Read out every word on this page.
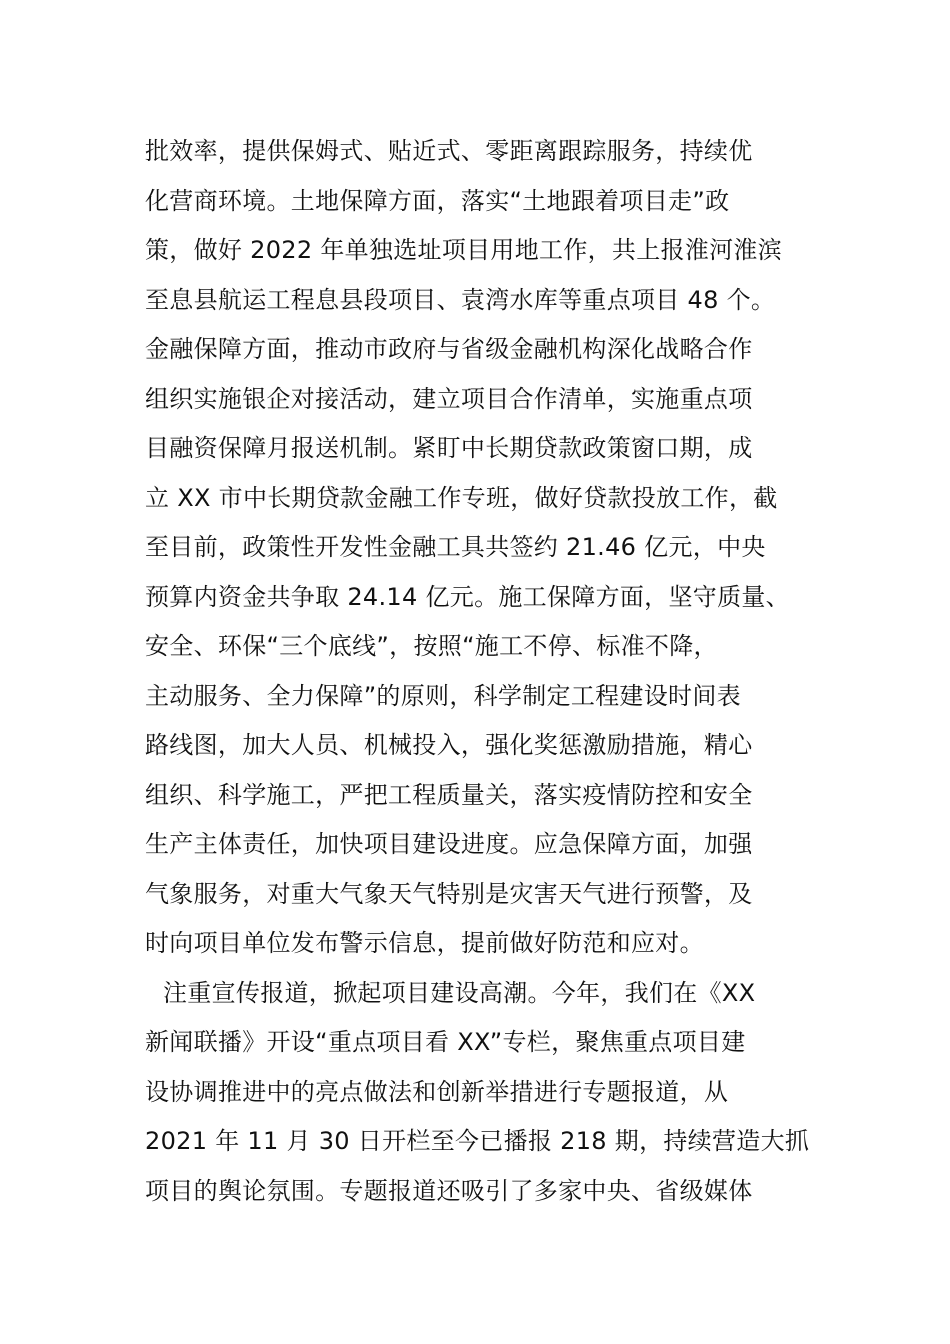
批效率，提供保姆式、贴近式、零距离跟踪服务，持续优
化营商环境。土地保障方面，落实“土地跟着项目走”政
策，做好 2022 年单独选址项目用地工作，共上报淮河淮滨
至息县航运工程息县段项目、袁湾水库等重点项目 48 个。
金融保障方面，推动市政府与省级金融机构深化战略合作
组织实施银企对接活动，建立项目合作清单，实施重点项
目融资保障月报送机制。紧盯中长期贷款政策窗口期，成
立 XX 市中长期贷款金融工作专班，做好贷款投放工作，截
至目前，政策性开发性金融工具共签约 21.46 亿元，中央
预算内资金共争取 24.14 亿元。施工保障方面，坚守质量、
安全、环保“三个底线”，按照“施工不停、标准不降，
主动服务、全力保障”的原则，科学制定工程建设时间表
路线图，加大人员、机械投入，强化奖惩激励措施，精心
组织、科学施工，严把工程质量关，落实疫情防控和安全
生产主体责任，加快项目建设进度。应急保障方面，加强
气象服务，对重大气象天气特别是灾害天气进行预警，及
时向项目单位发布警示信息，提前做好防范和应对。
注重宣传报道，掀起项目建设高潮。今年，我们在《XX
新闻联播》开设“重点项目看 XX”专栏，聚焦重点项目建
设协调推进中的亮点做法和创新举措进行专题报道，从
2021 年 11 月 30 日开栏至今已播报 218 期，持续营造大抓
项目的舆论氛围。专题报道还吸引了多家中央、省级媒体
